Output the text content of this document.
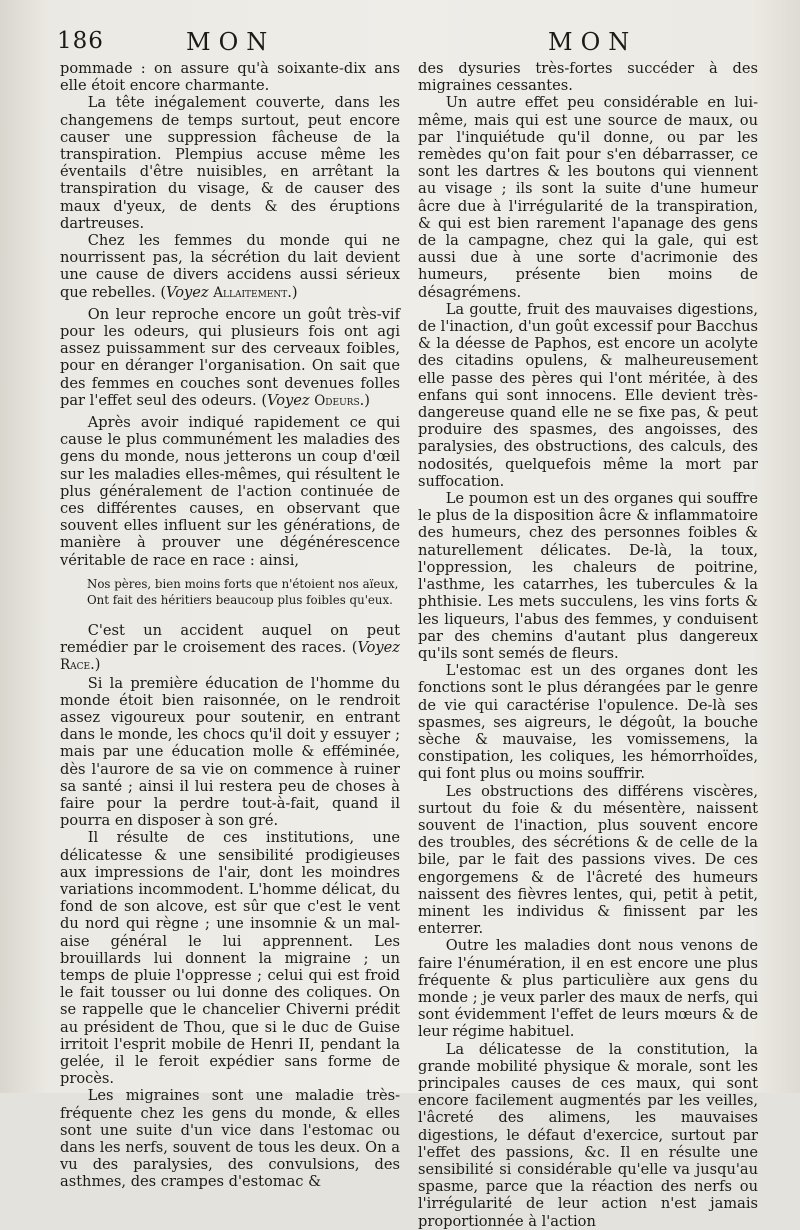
186	MON	MON

pommade : on assure qu'à soixante-dix ans elle étoit encore charmante.

La tête inégalement couverte, dans les changemens de temps surtout, peut encore causer une suppression fâcheuse de la transpiration. Plempius accuse même les éventails d'être nuisibles, en arrêtant la transpiration du visage, & de causer des maux d'yeux, de dents & des éruptions dartreuses.

Chez les femmes du monde qui ne nourrissent pas, la sécrétion du lait devient une cause de divers accidens aussi sérieux que rebelles. (Voyez Allaitement.)

On leur reproche encore un goût très-vif pour les odeurs, qui plusieurs fois ont agi assez puissamment sur des cerveaux foibles, pour en déranger l'organisation. On sait que des femmes en couches sont devenues folles par l'effet seul des odeurs. (Voyez Odeurs.)

Après avoir indiqué rapidement ce qui cause le plus communément les maladies des gens du monde, nous jetterons un coup d'œil sur les maladies elles-mêmes, qui résultent le plus généralement de l'action continuée de ces différentes causes, en observant que souvent elles influent sur les générations, de manière à prouver une dégénérescence véritable de race en race : ainsi,

Nos pères, bien moins forts que n'étoient nos aïeux,
Ont fait des héritiers beaucoup plus foibles qu'eux.

C'est un accident auquel on peut remédier par le croisement des races. (Voyez Race.)

Si la première éducation de l'homme du monde étoit bien raisonnée, on le rendroit assez vigoureux pour soutenir, en entrant dans le monde, les chocs qu'il doit y essuyer ; mais par une éducation molle & efféminée, dès l'aurore de sa vie on commence à ruiner sa santé ; ainsi il lui restera peu de choses à faire pour la perdre tout-à-fait, quand il pourra en disposer à son gré.

Il résulte de ces institutions, une délicatesse & une sensibilité prodigieuses aux impressions de l'air, dont les moindres variations incommodent. L'homme délicat, du fond de son alcove, est sûr que c'est le vent du nord qui règne ; une insomnie & un mal-aise général le lui apprennent. Les brouillards lui donnent la migraine ; un temps de pluie l'oppresse ; celui qui est froid le fait tousser ou lui donne des coliques. On se rappelle que le chancelier Chiverni prédit au président de Thou, que si le duc de Guise irritoit l'esprit mobile de Henri II, pendant la gelée, il le feroit expédier sans forme de procès.

Les migraines sont une maladie très-fréquente chez les gens du monde, & elles sont une suite d'un vice dans l'estomac ou dans les nerfs, souvent de tous les deux. On a vu des paralysies, des convulsions, des asthmes, des crampes d'estomac &

des dysuries très-fortes succéder à des migraines cessantes.

Un autre effet peu considérable en lui-même, mais qui est une source de maux, ou par l'inquiétude qu'il donne, ou par les remèdes qu'on fait pour s'en débarrasser, ce sont les dartres & les boutons qui viennent au visage ; ils sont la suite d'une humeur âcre due à l'irrégularité de la transpiration, & qui est bien rarement l'apanage des gens de la campagne, chez qui la gale, qui est aussi due à une sorte d'acrimonie des humeurs, présente bien moins de désagrémens.

La goutte, fruit des mauvaises digestions, de l'inaction, d'un goût excessif pour Bacchus & la déesse de Paphos, est encore un acolyte des citadins opulens, & malheureusement elle passe des pères qui l'ont méritée, à des enfans qui sont innocens. Elle devient très-dangereuse quand elle ne se fixe pas, & peut produire des spasmes, des angoisses, des paralysies, des obstructions, des calculs, des nodosités, quelquefois même la mort par suffocation.

Le poumon est un des organes qui souffre le plus de la disposition âcre & inflammatoire des humeurs, chez des personnes foibles & naturellement délicates. De-là, la toux, l'oppression, les chaleurs de poitrine, l'asthme, les catarrhes, les tubercules & la phthisie. Les mets succulens, les vins forts & les liqueurs, l'abus des femmes, y conduisent par des chemins d'autant plus dangereux qu'ils sont semés de fleurs.

L'estomac est un des organes dont les fonctions sont le plus dérangées par le genre de vie qui caractérise l'opulence. De-là ses spasmes, ses aigreurs, le dégoût, la bouche sèche & mauvaise, les vomissemens, la constipation, les coliques, les hémorrhoïdes, qui font plus ou moins souffrir.

Les obstructions des différens viscères, surtout du foie & du mésentère, naissent souvent de l'inaction, plus souvent encore des troubles, des sécrétions & de celle de la bile, par le fait des passions vives. De ces engorgemens & de l'âcreté des humeurs naissent des fièvres lentes, qui, petit à petit, minent les individus & finissent par les enterrer.

Outre les maladies dont nous venons de faire l'énumération, il en est encore une plus fréquente & plus particulière aux gens du monde ; je veux parler des maux de nerfs, qui sont évidemment l'effet de leurs mœurs & de leur régime habituel.

La délicatesse de la constitution, la grande mobilité physique & morale, sont les principales causes de ces maux, qui sont encore facilement augmentés par les veilles, l'âcreté des alimens, les mauvaises digestions, le défaut d'exercice, surtout par l'effet des passions, &c. Il en résulte une sensibilité si considérable qu'elle va jusqu'au spasme, parce que la réaction des nerfs ou l'irrégularité de leur action n'est jamais proportionnée à l'action
